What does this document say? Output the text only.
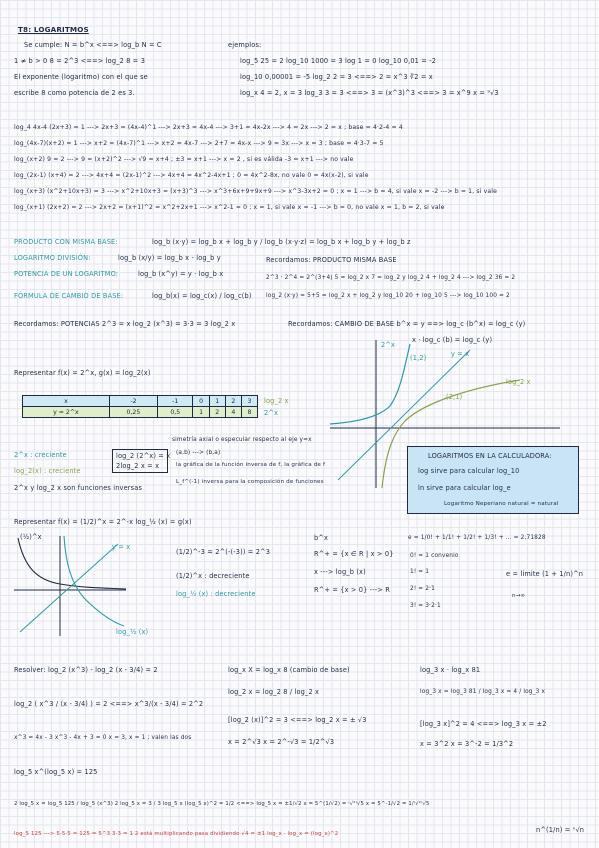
T8: LOGARITMOS
Se cumple: N = b^x <==> log_b N = C
1 ≠ b > 0 8 = 2^3 <==> log_2 8 = 3
El exponente (logaritmo) con el que se
escribe 8 como potencia de 2 es 3.
ejemplos:
log_5 25 = 2 log_10 1000 = 3 log 1 = 0 log_10 0,01 = -2
log_10 0,00001 = -5 log_2 2 = 3 <==> 2 = x^3 ∛2 = x
log_x 4 = 2, x = 3 log_3 3 = 3 <==> 3 = (x^3)^3 <==> 3 = x^9 x = ⁹√3
log_4 4x-4 (2x+3) = 1 ---> 2x+3 = (4x-4)^1 ---> 2x+3 = 4x-4 ---> 3+1 = 4x-2x ---> 4 = 2x ---> 2 = x ; base = 4·2-4 = 4
log_(4x-7)(x+2) = 1 ---> x+2 = (4x-7)^1 ---> x+2 = 4x-7 ---> 2+7 = 4x-x ---> 9 = 3x ---> x = 3 ; base = 4·3-7 = 5
log_(x+2) 9 = 2 ---> 9 = (x+2)^2 ---> √9 = x+4 ; ±3 = x+1 ---> x = 2 , si es válida -3 = x+1 ---> no vale
log_(2x-1) (x+4) = 2 ---> 4x+4 = (2x-1)^2 ---> 4x+4 = 4x^2-4x+1 ; 0 = 4x^2-8x, no vale 0 = 4x(x-2), si vale
log_(x+3) (x^2+10x+3) = 3 ---> x^2+10x+3 = (x+3)^3 ---> x^3+6x+9+9x+9 ---> x^3-3x+2 = 0 ; x = 1 ---> b = 4, si vale x = -2 ---> b = 1, si vale
log_(x+1) (2x+2) = 2 ---> 2x+2 = (x+1)^2 = x^2+2x+1 ---> x^2-1 = 0 ; x = 1, si vale x = -1 ---> b = 0, no vale x = 1, b = 2, si vale
PRODUCTO CON MISMA BASE:	log_b (x·y) = log_b x + log_b y / log_b (x·y·z) = log_b x + log_b y + log_b z
LOGARITMO DIVISIÓN:	log_b (x/y) = log_b x - log_b y
POTENCIA DE UN LOGARITMO:	log_b (x^y) = y · log_b x
FÓRMULA DE CAMBIO DE BASE:	log_b(x) = log_c(x) / log_c(b)
Recordamos: PRODUCTO MISMA BASE
2^3 · 2^4 = 2^(3+4) 5 = log_2 x 7 = log_2 y log_2 4 + log_2 4 ---> log_2 36 = 2
log_2 (x·y) = 5+5 = log_2 x + log_2 y log_10 20 + log_10 5 ---> log_10 100 = 2
Recordamos: POTENCIAS 2^3 = x log_2 (x^3) = 3·3 = 3 log_2 x	Recordamos: CAMBIO DE BASE b^x = y ==> log_c (b^x) = log_c (y)
x · log_c (b) = log_c (y)
Representar f(x) = 2^x, g(x) = log_2(x)
x	-2	-1	0	1	2	3
y = 2^x	0,25	0,5	1	2	4	8
log_2 x
2^x
2^x : creciente
log_2(x) : creciente
2^x y log_2 x son funciones inversas
log_2 (2^x) = x
2log_2 x = x
simetría axial o especular respecto al eje y=x
(a,b) ---> (b,a)
la gráfica de la función inversa de f, la gráfica de f
L_f^(-1) inversa para la composición de funciones
2^x
y = x
log_2 x
(1,2)
(2,1)
LOGARITMOS EN LA CALCULADORA:
log sirve para calcular log_10
ln sirve para calcular log_e
Logaritmo Neperiano natural = natural
Representar f(x) = (1/2)^x = 2^-x log_½ (x) = g(x)
(½)^x
y = x
log_½ (x)
(1/2)^-3 = 2^(-(-3)) = 2^3
(1/2)^x : decreciente
log_½ (x) : decreciente
b^x
R^+ = {x ∈ R | x > 0}
x ---> log_b (x)
R^+ = {x > 0} ---> R
e = 1/0! + 1/1! + 1/2! + 1/3! + ... = 2,71828
0! = 1 convenio
1! = 1
2! = 2·1
3! = 3·2·1
e = límite (1 + 1/n)^n
n→∞
Resolver: log_2 (x^3) - log_2 (x - 3/4) = 2
log_2 ( x^3 / (x - 3/4) ) = 2 <==> x^3/(x - 3/4) = 2^2
x^3 = 4x - 3 x^3 - 4x + 3 = 0 x = 3, x = 1 ; valen las dos
log_x X = log_x 8 (cambio de base)
log_2 x = log_2 8 / log_2 x
[log_2 (x)]^2 = 3 <==> log_2 x = ± √3
x = 2^√3 x = 2^-√3 = 1/2^√3
log_3 x · log_x 81
log_3 x = log_3 81 / log_3 x = 4 / log_3 x
[log_3 x]^2 = 4 <==> log_3 x = ±2
x = 3^2 x = 3^-2 = 1/3^2
log_5 x^(log_5 x) = 125
2 log_5 x = log_5 125 / log_5 (x^3) 2 log_5 x = 3 / 3 log_5 x (log_5 x)^2 = 1/2 <==> log_5 x = ±1/√2 x = 5^(1/√2) = ⁽√²⁾√5 x = 5^-1/√2 = 1/⁽√²⁾√5
log_5 125 ---> 5·5·5 = 125 = 5^3 3·3 = 1 2 está multiplicando pasa dividiendo √4 = ±1 log_x · log_x = (log_x)^2	n^(1/n) = ⁿ√n
